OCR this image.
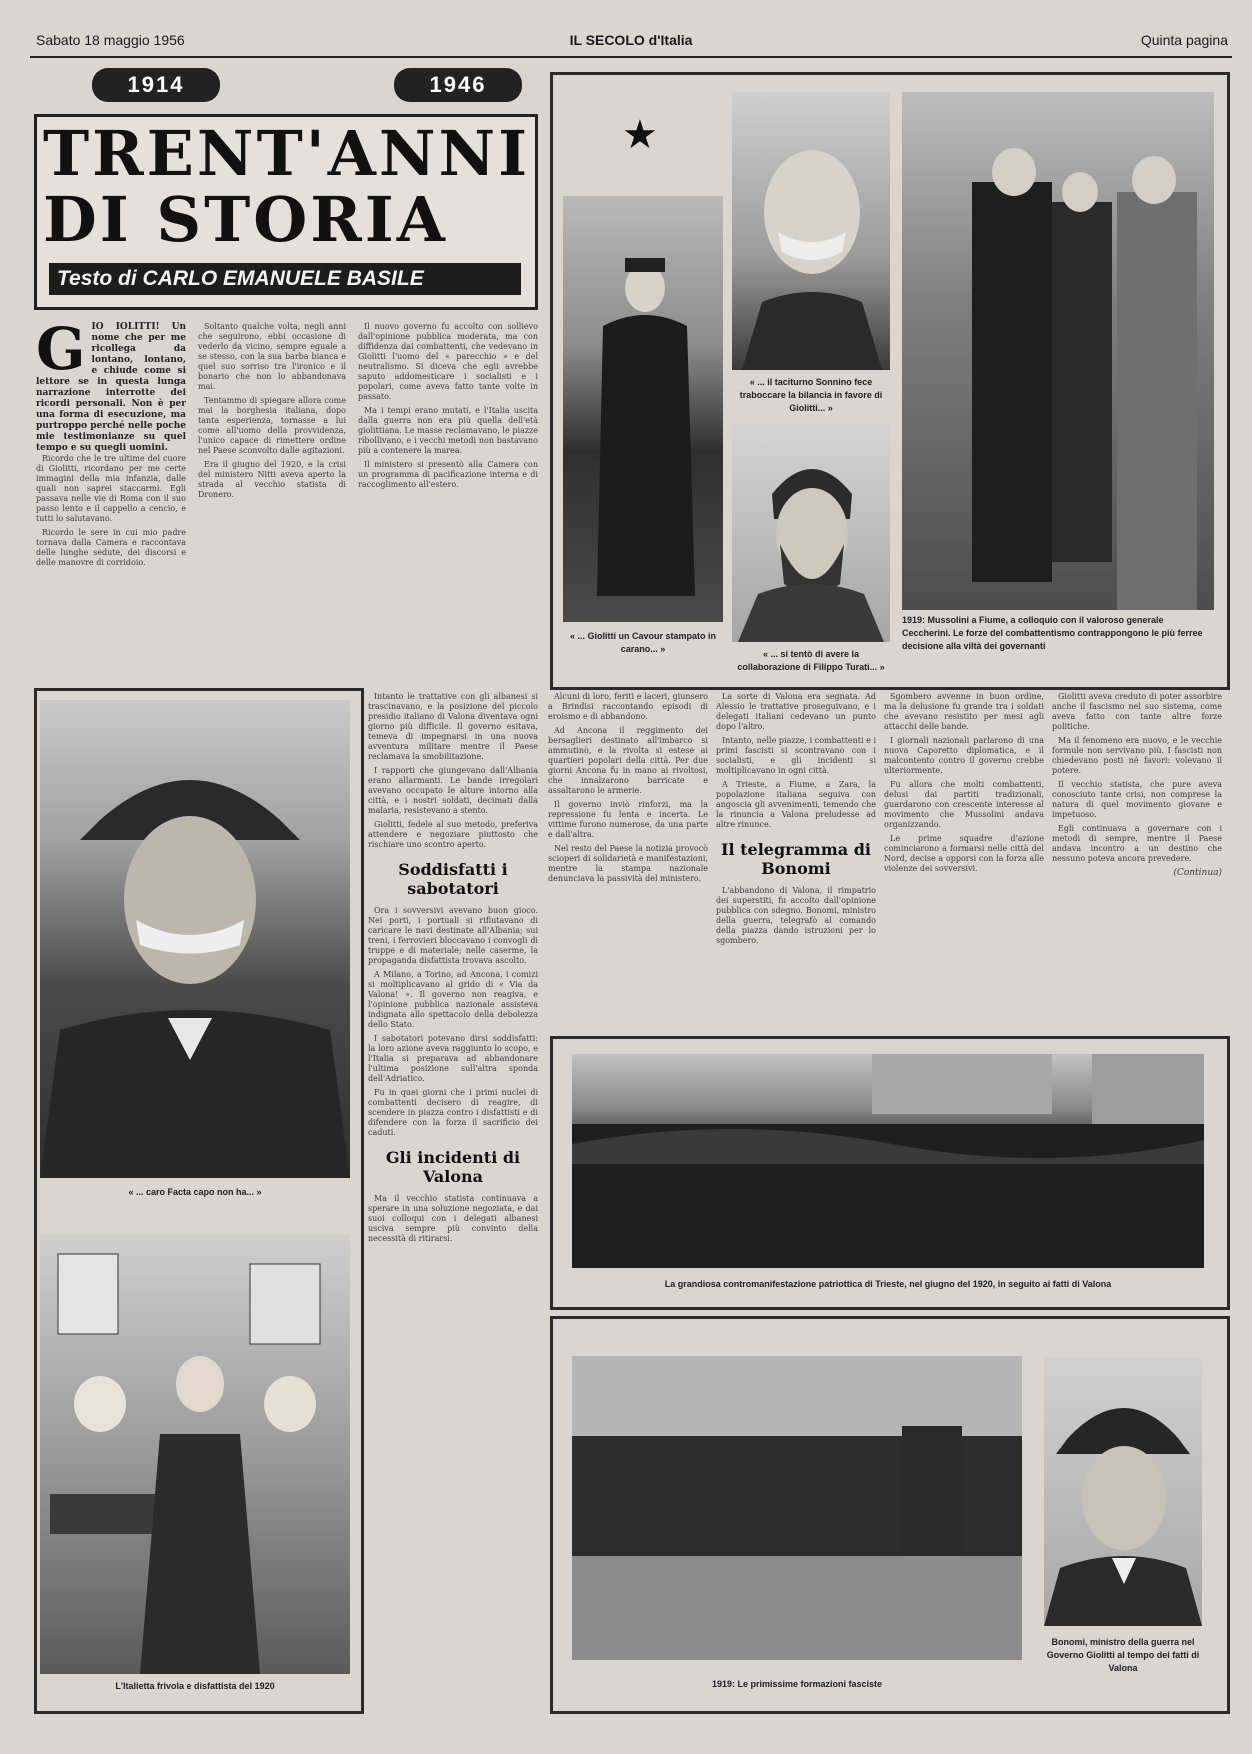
Sabato 18 maggio 1956	IL SECOLO d'Italia	Quinta pagina
1914	1946
TRENT'ANNI
DI STORIA
Testo di CARLO EMANUELE BASILE
G IO IOLITTI! Un nome che per me ricollega da lontano, lontano, e chiude come si lettore se in questa lunga narrazione interrotte dei ricordi personali. Non è per una forma di esecuzione, ma purtroppo perché nelle poche mie testimonianze su quel tempo e su quegli uomini.

Ricordo che le tre ultime del cuore di Giolitti, ricordano per me certe immagini della mia infanzia, dalle quali non saprei staccarmi. Egli passava nelle vie di Roma con il suo passo lento e il cappello a cencio, e tutti lo salutavano.

Ricordo le sere in cui mio padre tornava dalla Camera e raccontava delle lunghe sedute, dei discorsi e delle manovre di corridoio.

Soltanto qualche volta, negli anni che seguirono, ebbi occasione di vederlo da vicino, sempre eguale a se stesso, con la sua barba bianca e quel suo sorriso tra l'ironico e il bonario che non lo abbandonava mai.

Tentammo di spiegare allora come mai la borghesia italiana, dopo tanta esperienza, tornasse a lui come all'uomo della provvidenza, l'unico capace di rimettere ordine nel Paese sconvolto dalle agitazioni.

Era il giugno del 1920, e la crisi del ministero Nitti aveva aperto la strada al vecchio statista di Dronero.

Il nuovo governo fu accolto con sollievo dall'opinione pubblica moderata, ma con diffidenza dai combattenti, che vedevano in Giolitti l'uomo del « parecchio » e del neutralismo. Si diceva che egli avrebbe saputo addomesticare i socialisti e i popolari, come aveva fatto tante volte in passato.

Ma i tempi erano mutati, e l'Italia uscita dalla guerra non era più quella dell'età giolittiana. Le masse reclamavano, le piazze ribollivano, e i vecchi metodi non bastavano più a contenere la marea.

Il ministero si presentò alla Camera con un programma di pacificazione interna e di raccoglimento all'estero.

★
« ... Giolitti un Cavour stampato in carano... »
« ... il taciturno Sonnino fece traboccare la bilancia in favore di Giolitti... »
« ... si tentò di avere la collaborazione di Filippo Turati... »
1919: Mussolini a Fiume, a colloquio con il valoroso generale Ceccherini. Le forze del combattentismo contrappongono le più ferree decisione alla viltà dei governanti
« ... caro Facta capo non ha... »
L'Italietta frivola e disfattista del 1920

Intanto le trattative con gli albanesi si trascinavano, e la posizione del piccolo presidio italiano di Valona diventava ogni giorno più difficile. Il governo esitava, temeva di impegnarsi in una nuova avventura militare mentre il Paese reclamava la smobilitazione.

I rapporti che giungevano dall'Albania erano allarmanti. Le bande irregolari avevano occupato le alture intorno alla città, e i nostri soldati, decimati dalla malaria, resistevano a stento.

Giolitti, fedele al suo metodo, preferiva attendere e negoziare piuttosto che rischiare uno scontro aperto.

Soddisfatti i sabotatori

Ora i sovversivi avevano buon gioco. Nei porti, i portuali si rifiutavano di caricare le navi destinate all'Albania; sui treni, i ferrovieri bloccavano i convogli di truppe e di materiale; nelle caserme, la propaganda disfattista trovava ascolto.

A Milano, a Torino, ad Ancona, i comizi si moltiplicavano al grido di « Via da Valona! ». Il governo non reagiva, e l'opinione pubblica nazionale assisteva indignata allo spettacolo della debolezza dello Stato.

I sabotatori potevano dirsi soddisfatti: la loro azione aveva raggiunto lo scopo, e l'Italia si preparava ad abbandonare l'ultima posizione sull'altra sponda dell'Adriatico.

Fu in quei giorni che i primi nuclei di combattenti decisero di reagire, di scendere in piazza contro i disfattisti e di difendere con la forza il sacrificio dei caduti.

Gli incidenti di Valona

Ma il vecchio statista continuava a sperare in una soluzione negoziata, e dai suoi colloqui con i delegati albanesi usciva sempre più convinto della necessità di ritirarsi.

Alcuni di loro, feriti e laceri, giunsero a Brindisi raccontando episodi di eroismo e di abbandono.

Ad Ancona il reggimento dei bersaglieri destinato all'imbarco si ammutinò, e la rivolta si estese ai quartieri popolari della città. Per due giorni Ancona fu in mano ai rivoltosi, che innalzarono barricate e assaltarono le armerie.

Il governo inviò rinforzi, ma la repressione fu lenta e incerta. Le vittime furono numerose, da una parte e dall'altra.

Nel resto del Paese la notizia provocò scioperi di solidarietà e manifestazioni, mentre la stampa nazionale denunciava la passività del ministero.

La sorte di Valona era segnata. Ad Alessio le trattative proseguivano, e i delegati italiani cedevano un punto dopo l'altro.

Intanto, nelle piazze, i combattenti e i primi fascisti si scontravano con i socialisti, e gli incidenti si moltiplicavano in ogni città.

A Trieste, a Fiume, a Zara, la popolazione italiana seguiva con angoscia gli avvenimenti, temendo che la rinuncia a Valona preludesse ad altre rinunce.

Il telegramma di Bonomi

L'abbandono di Valona, il rimpatrio dei superstiti, fu accolto dall'opinione pubblica con sdegno. Bonomi, ministro della guerra, telegrafò al comando della piazza dando istruzioni per lo sgombero.

Sgombero avvenne in buon ordine, ma la delusione fu grande tra i soldati che avevano resistito per mesi agli attacchi delle bande.

I giornali nazionali parlarono di una nuova Caporetto diplomatica, e il malcontento contro il governo crebbe ulteriormente.

Fu allora che molti combattenti, delusi dai partiti tradizionali, guardarono con crescente interesse al movimento che Mussolini andava organizzando.

Le prime squadre d'azione cominciarono a formarsi nelle città del Nord, decise a opporsi con la forza alle violenze dei sovversivi.

Giolitti aveva creduto di poter assorbire anche il fascismo nel suo sistema, come aveva fatto con tante altre forze politiche.

Ma il fenomeno era nuovo, e le vecchie formule non servivano più. I fascisti non chiedevano posti né favori: volevano il potere.

Il vecchio statista, che pure aveva conosciuto tante crisi, non comprese la natura di quel movimento giovane e impetuoso.

Egli continuava a governare con i metodi di sempre, mentre il Paese andava incontro a un destino che nessuno poteva ancora prevedere.

(Continua)

La grandiosa contromanifestazione patriottica di Trieste, nel giugno del 1920, in seguito ai fatti di Valona
1919: Le primissime formazioni fasciste
Bonomi, ministro della guerra nel Governo Giolitti al tempo dei fatti di Valona
